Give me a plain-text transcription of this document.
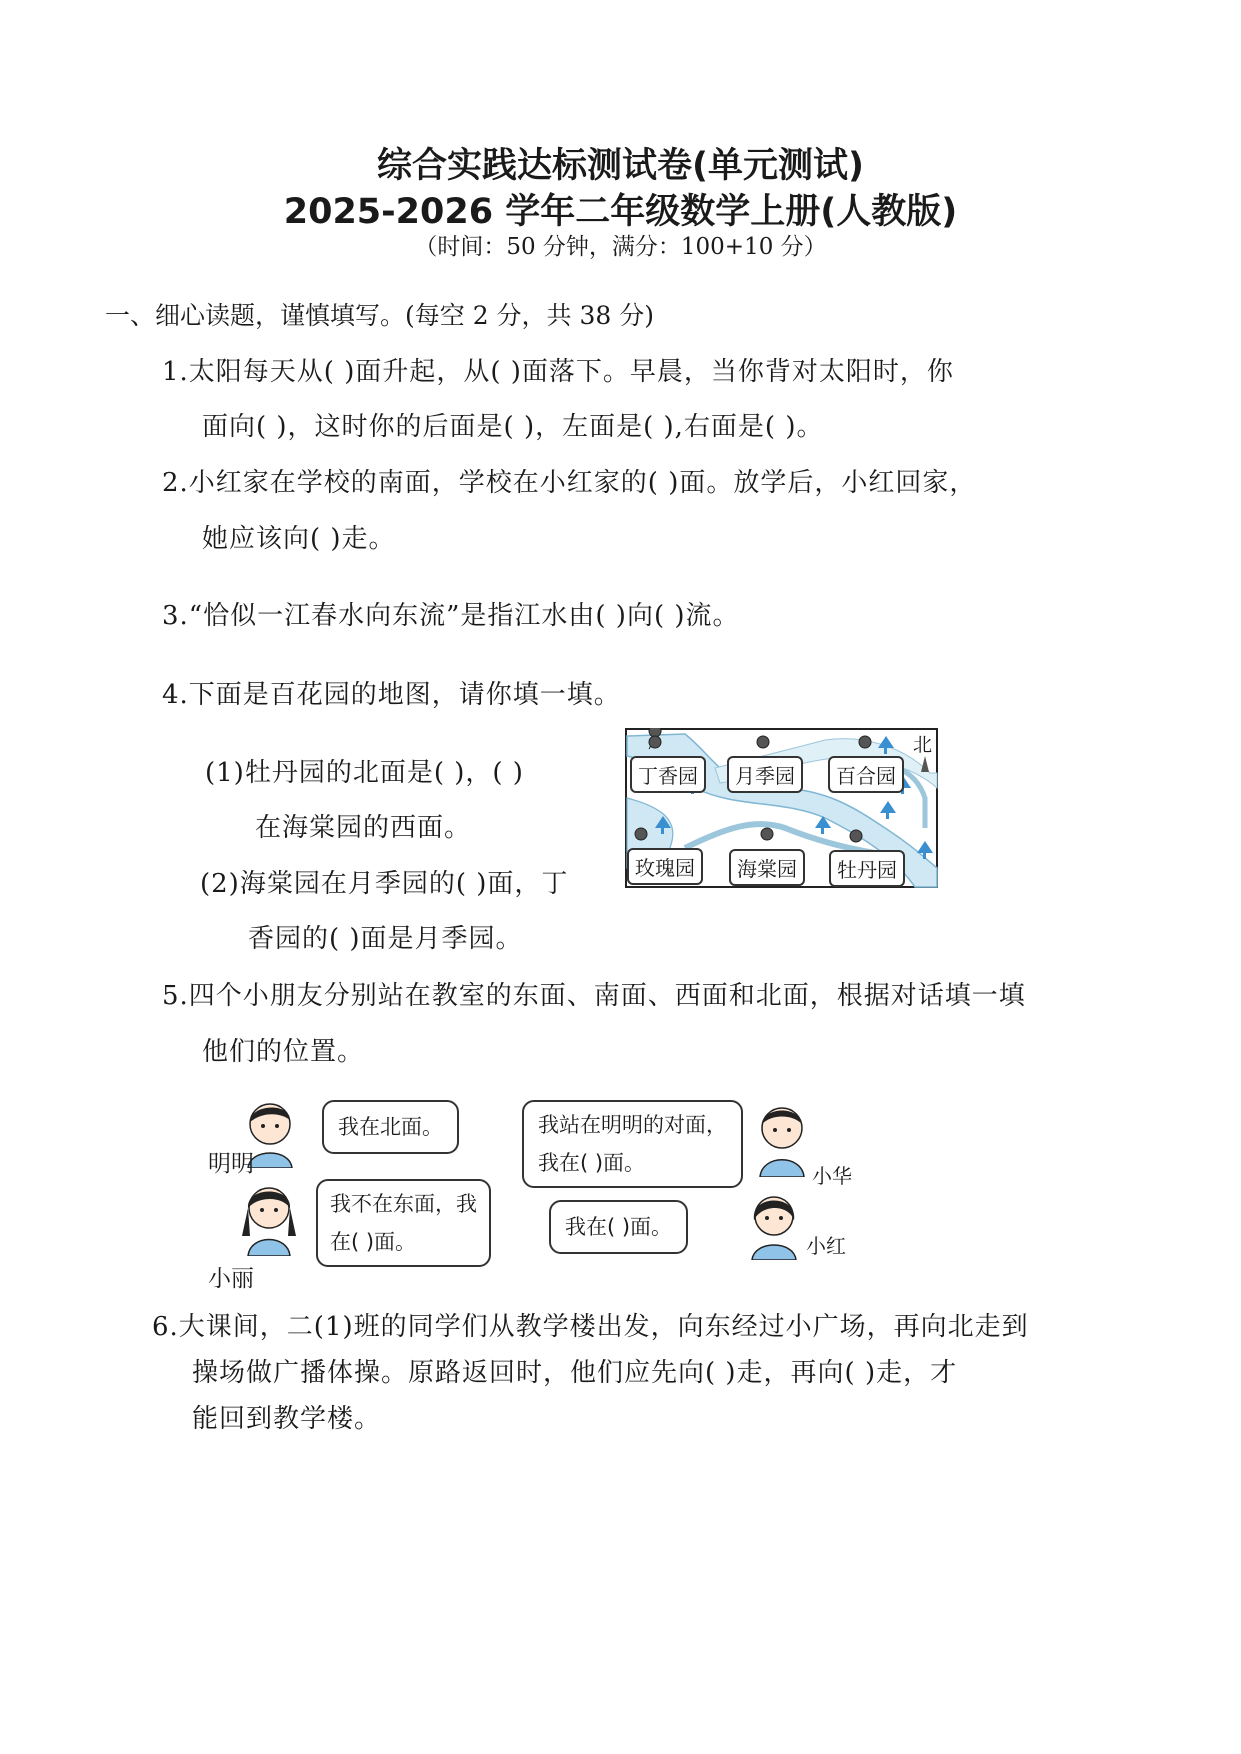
综合实践达标测试卷(单元测试)
2025-2026 学年二年级数学上册(人教版)
（时间：50 分钟，满分：100+10 分）
一、细心读题，谨慎填写。(每空 2 分，共 38 分)
1.太阳每天从( )面升起，从( )面落下。早晨，当你背对太阳时，你
面向( )，这时你的后面是( )，左面是( ),右面是( )。
2.小红家在学校的南面，学校在小红家的( )面。放学后，小红回家，
她应该向( )走。
3.“恰似一江春水向东流”是指江水由( )向( )流。
4.下面是百花园的地图，请你填一填。
(1)牡丹园的北面是( )，( )
在海棠园的西面。
(2)海棠园在月季园的( )面，丁
香园的( )面是月季园。
丁香园	月季园	百合园
玫瑰园	海棠园	牡丹园
北
5.四个小朋友分别站在教室的东面、南面、西面和北面，根据对话填一填
他们的位置。
我在北面。
明明
我站在明明的对面，
我在( )面。
小华
我不在东面，我
在( )面。
小丽
我在( )面。
小红
6.大课间，二(1)班的同学们从教学楼出发，向东经过小广场，再向北走到
操场做广播体操。原路返回时，他们应先向( )走，再向( )走，才
能回到教学楼。
